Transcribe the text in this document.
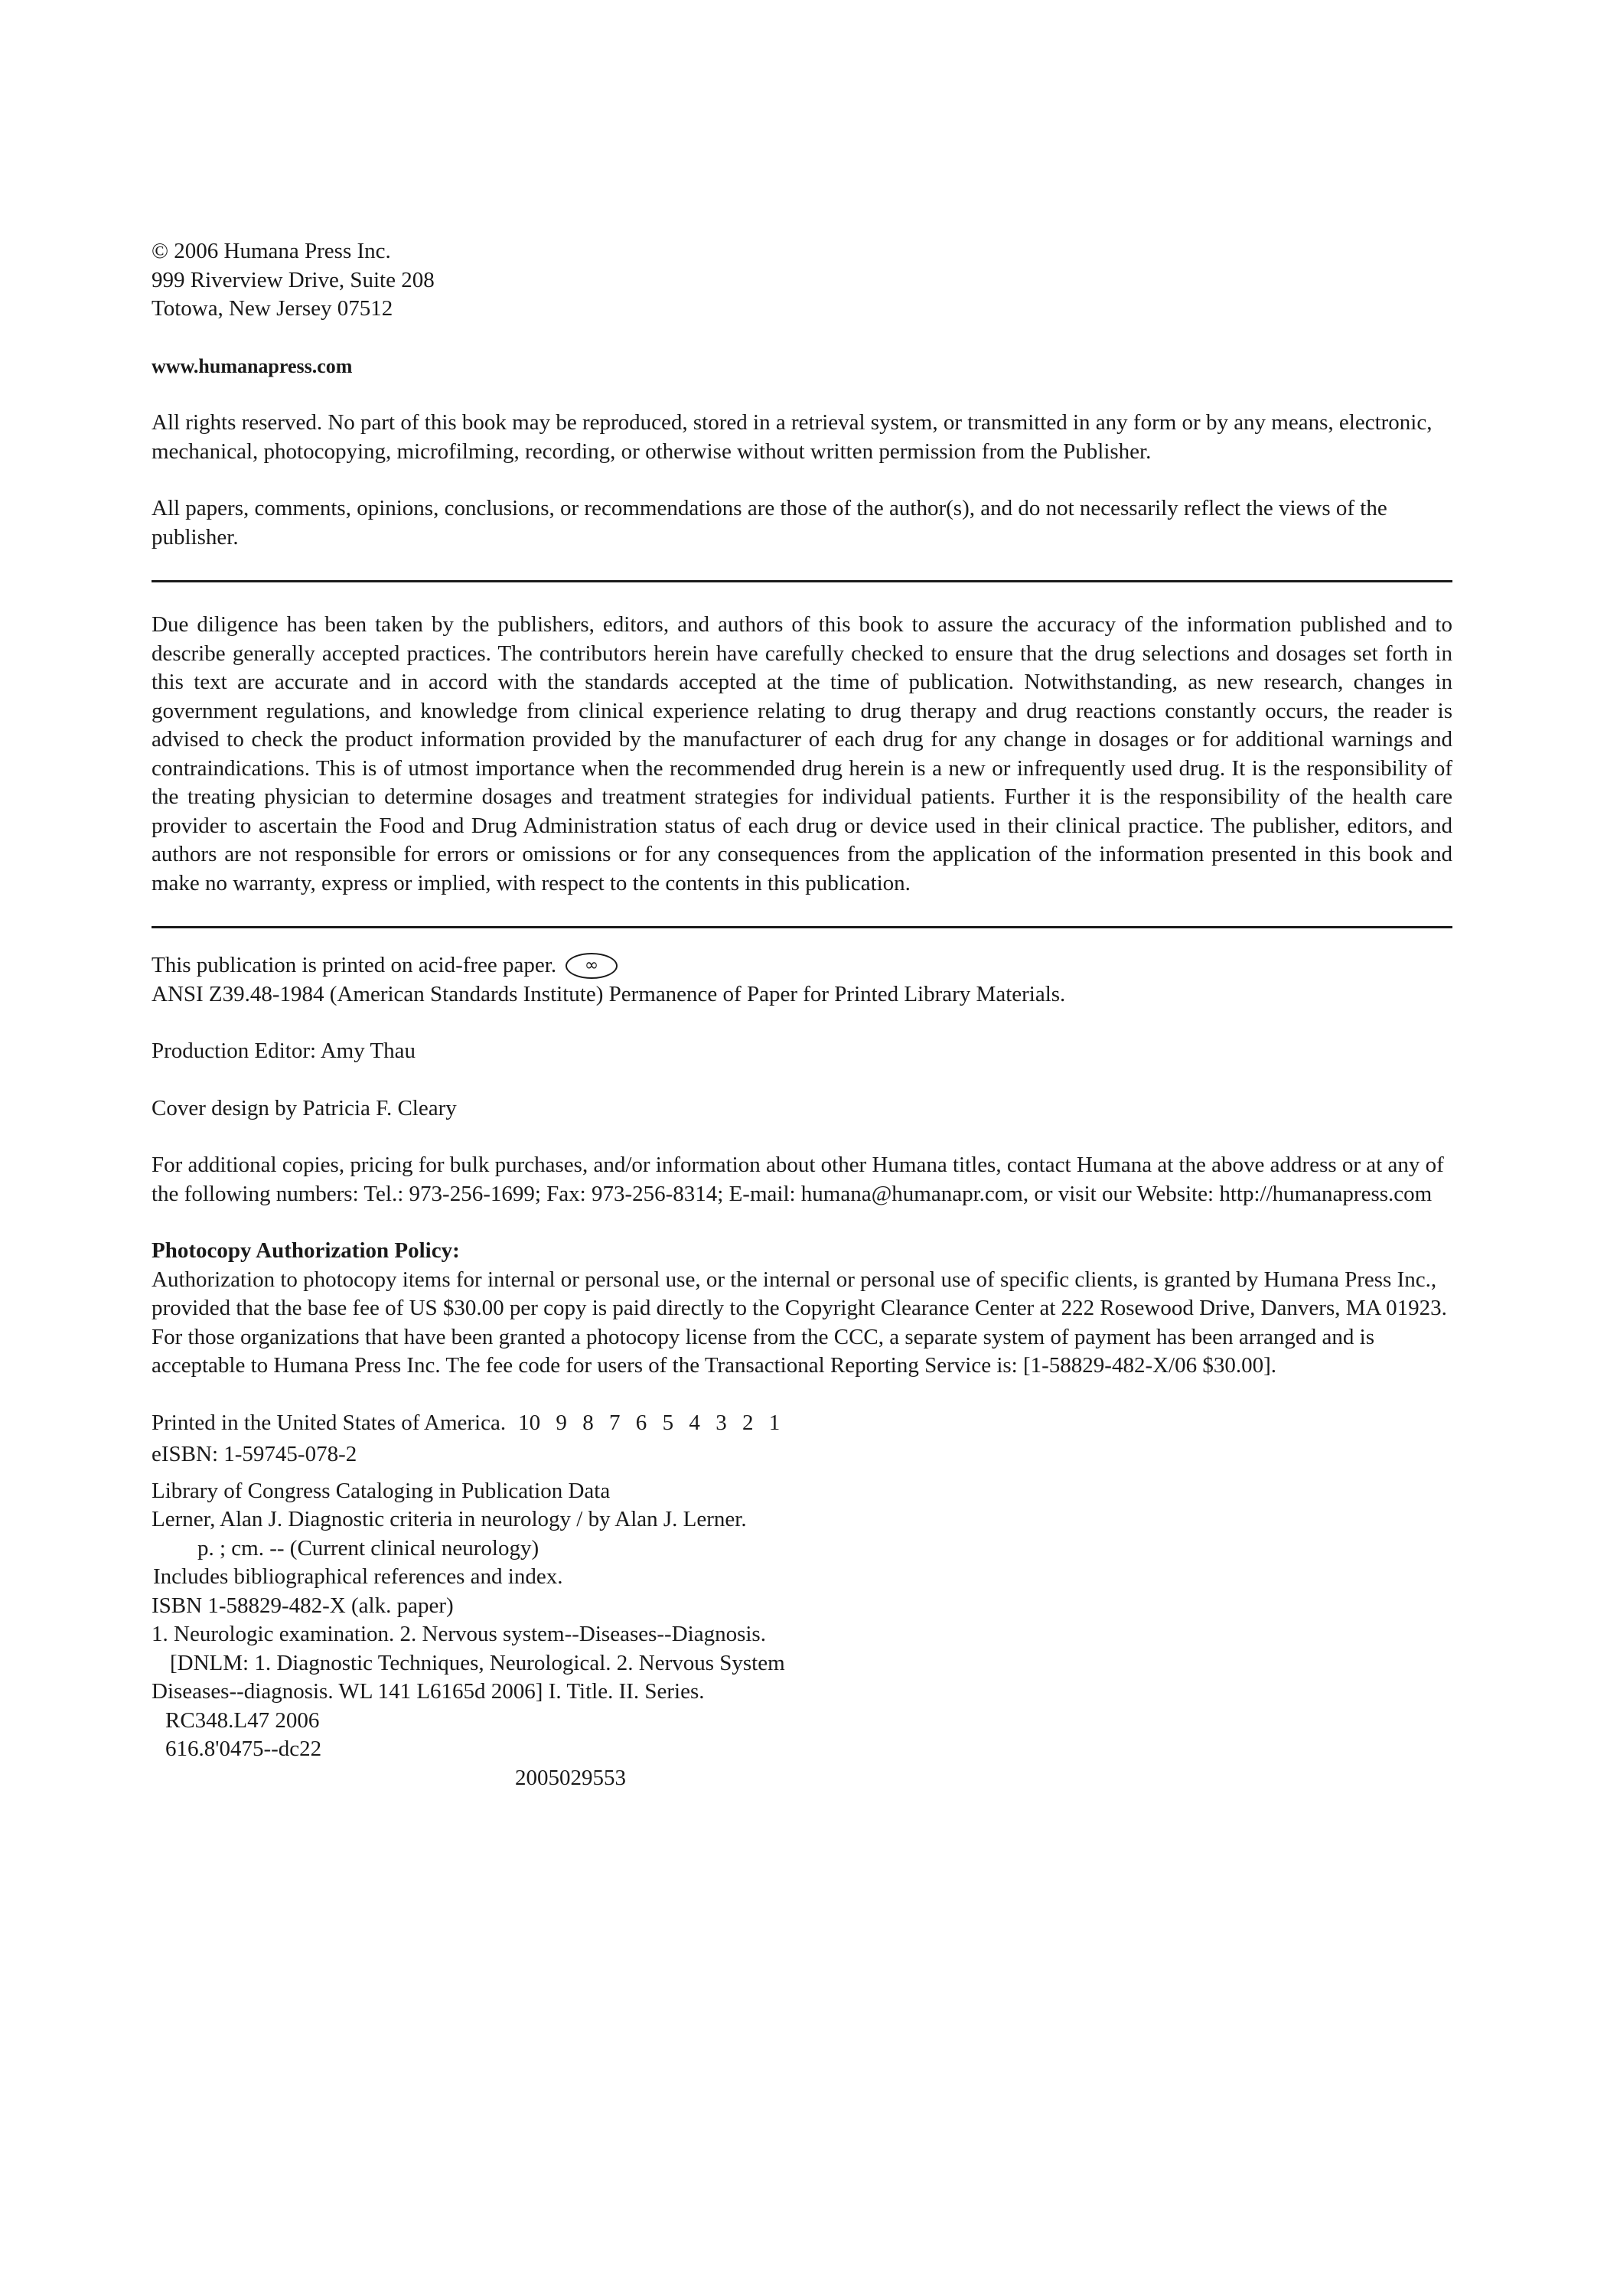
© 2006 Humana Press Inc.

999 Riverview Drive, Suite 208

Totowa, New Jersey 07512

www.humanapress.com

All rights reserved. No part of this book may be reproduced, stored in a retrieval system, or transmitted in any form or by any means, electronic, mechanical, photocopying, microfilming, recording, or otherwise without written permission from the Publisher.

All papers, comments, opinions, conclusions, or recommendations are those of the author(s), and do not necessarily reflect the views of the publisher.

Due diligence has been taken by the publishers, editors, and authors of this book to assure the accuracy of the information published and to describe generally accepted practices. The contributors herein have carefully checked to ensure that the drug selections and dosages set forth in this text are accurate and in accord with the standards accepted at the time of publication. Notwithstanding, as new research, changes in government regulations, and knowledge from clinical experience relating to drug therapy and drug reactions constantly occurs, the reader is advised to check the product information provided by the manufacturer of each drug for any change in dosages or for additional warnings and contraindications. This is of utmost importance when the recommended drug herein is a new or infrequently used drug. It is the responsibility of the treating physician to determine dosages and treatment strategies for individual patients. Further it is the responsibility of the health care provider to ascertain the Food and Drug Administration status of each drug or device used in their clinical practice. The publisher, editors, and authors are not responsible for errors or omissions or for any consequences from the application of the information presented in this book and make no warranty, express or implied, with respect to the contents in this publication.

This publication is printed on acid-free paper.	∞

ANSI Z39.48-1984 (American Standards Institute) Permanence of Paper for Printed Library Materials.

Production Editor: Amy Thau

Cover design by Patricia F. Cleary

For additional copies, pricing for bulk purchases, and/or information about other Humana titles, contact Humana at the above address or at any of the following numbers: Tel.: 973-256-1699; Fax: 973-256-8314; E-mail: humana@humanapr.com, or visit our Website: http://humanapress.com

Photocopy Authorization Policy:

Authorization to photocopy items for internal or personal use, or the internal or personal use of specific clients, is granted by Humana Press Inc., provided that the base fee of US $30.00 per copy is paid directly to the Copyright Clearance Center at 222 Rosewood Drive, Danvers, MA 01923. For those organizations that have been granted a photocopy license from the CCC, a separate system of payment has been arranged and is acceptable to Humana Press Inc. The fee code for users of the Transactional Reporting Service is: [1-58829-482-X/06 $30.00].

Printed in the United States of America. 10 9 8 7 6 5 4 3 2 1

eISBN: 1-59745-078-2

Library of Congress Cataloging in Publication Data

Lerner, Alan J. Diagnostic criteria in neurology / by Alan J. Lerner.

p. ; cm. -- (Current clinical neurology)

Includes bibliographical references and index.

ISBN 1-58829-482-X (alk. paper)

1. Neurologic examination. 2. Nervous system--Diseases--Diagnosis.

[DNLM: 1. Diagnostic Techniques, Neurological. 2. Nervous System

Diseases--diagnosis. WL 141 L6165d 2006] I. Title. II. Series.

RC348.L47 2006

616.8'0475--dc22

2005029553
